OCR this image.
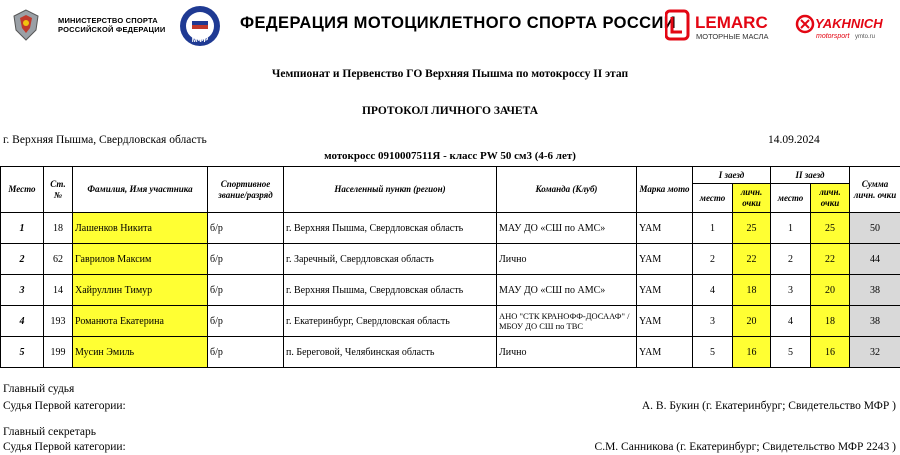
МИНИСТЕРСТВО СПОРТА
РОССИЙСКОЙ ФЕДЕРАЦИИ
МФР
ФЕДЕРАЦИЯ МОТОЦИКЛЕТНОГО СПОРТА РОССИИ LEMARC
МОТОРНЫЕ МАСЛА
YAKHNICH
motorsport ymto.ru
Чемпионат и Первенство ГО Верхняя Пышма по мотокроссу II этап
ПРОТОКОЛ ЛИЧНОГО ЗАЧЕТА
г. Верхняя Пышма, Свердловская область	14.09.2024
мотокросс 0910007511Я - класс PW 50 см3 (4-6 лет)
Место	Ст. №	Фамилия, Имя участника	Спортивное звание/разряд	Населенный пункт (регион)	Команда (Клуб)	Марка мото	I заезд		II заезд		Сумма личн. очки
							место	личн. очки	место	личн. очки	
1	18	Лашенков Никита	б/р	г. Верхняя Пышма, Свердловская область	МАУ ДО «СШ по АМС»	YAM	1	25	1	25	50
2	62	Гаврилов Максим	б/р	г. Заречный, Свердловская область	Лично	YAM	2	22	2	22	44
3	14	Хайруллин Тимур	б/р	г. Верхняя Пышма, Свердловская область	МАУ ДО «СШ по АМС»	YAM	4	18	3	20	38
4	193	Романюта Екатерина	б/р	г. Екатеринбург, Свердловская область	АНО "СТК КРАНОФФ-ДОСААФ" / МБОУ ДО СШ по ТВС	YAM	3	20	4	18	38
5	199	Мусин Эмиль	б/р	п. Береговой, Челябинская область	Лично	YAM	5	16	5	16	32
Главный судья
Судья Первой категории:	А. В. Букин (г. Екатеринбург; Свидетельство МФР )
Главный секретарь
Судья Первой категории:	С.М. Санникова (г. Екатеринбург; Свидетельство МФР 2243 )
